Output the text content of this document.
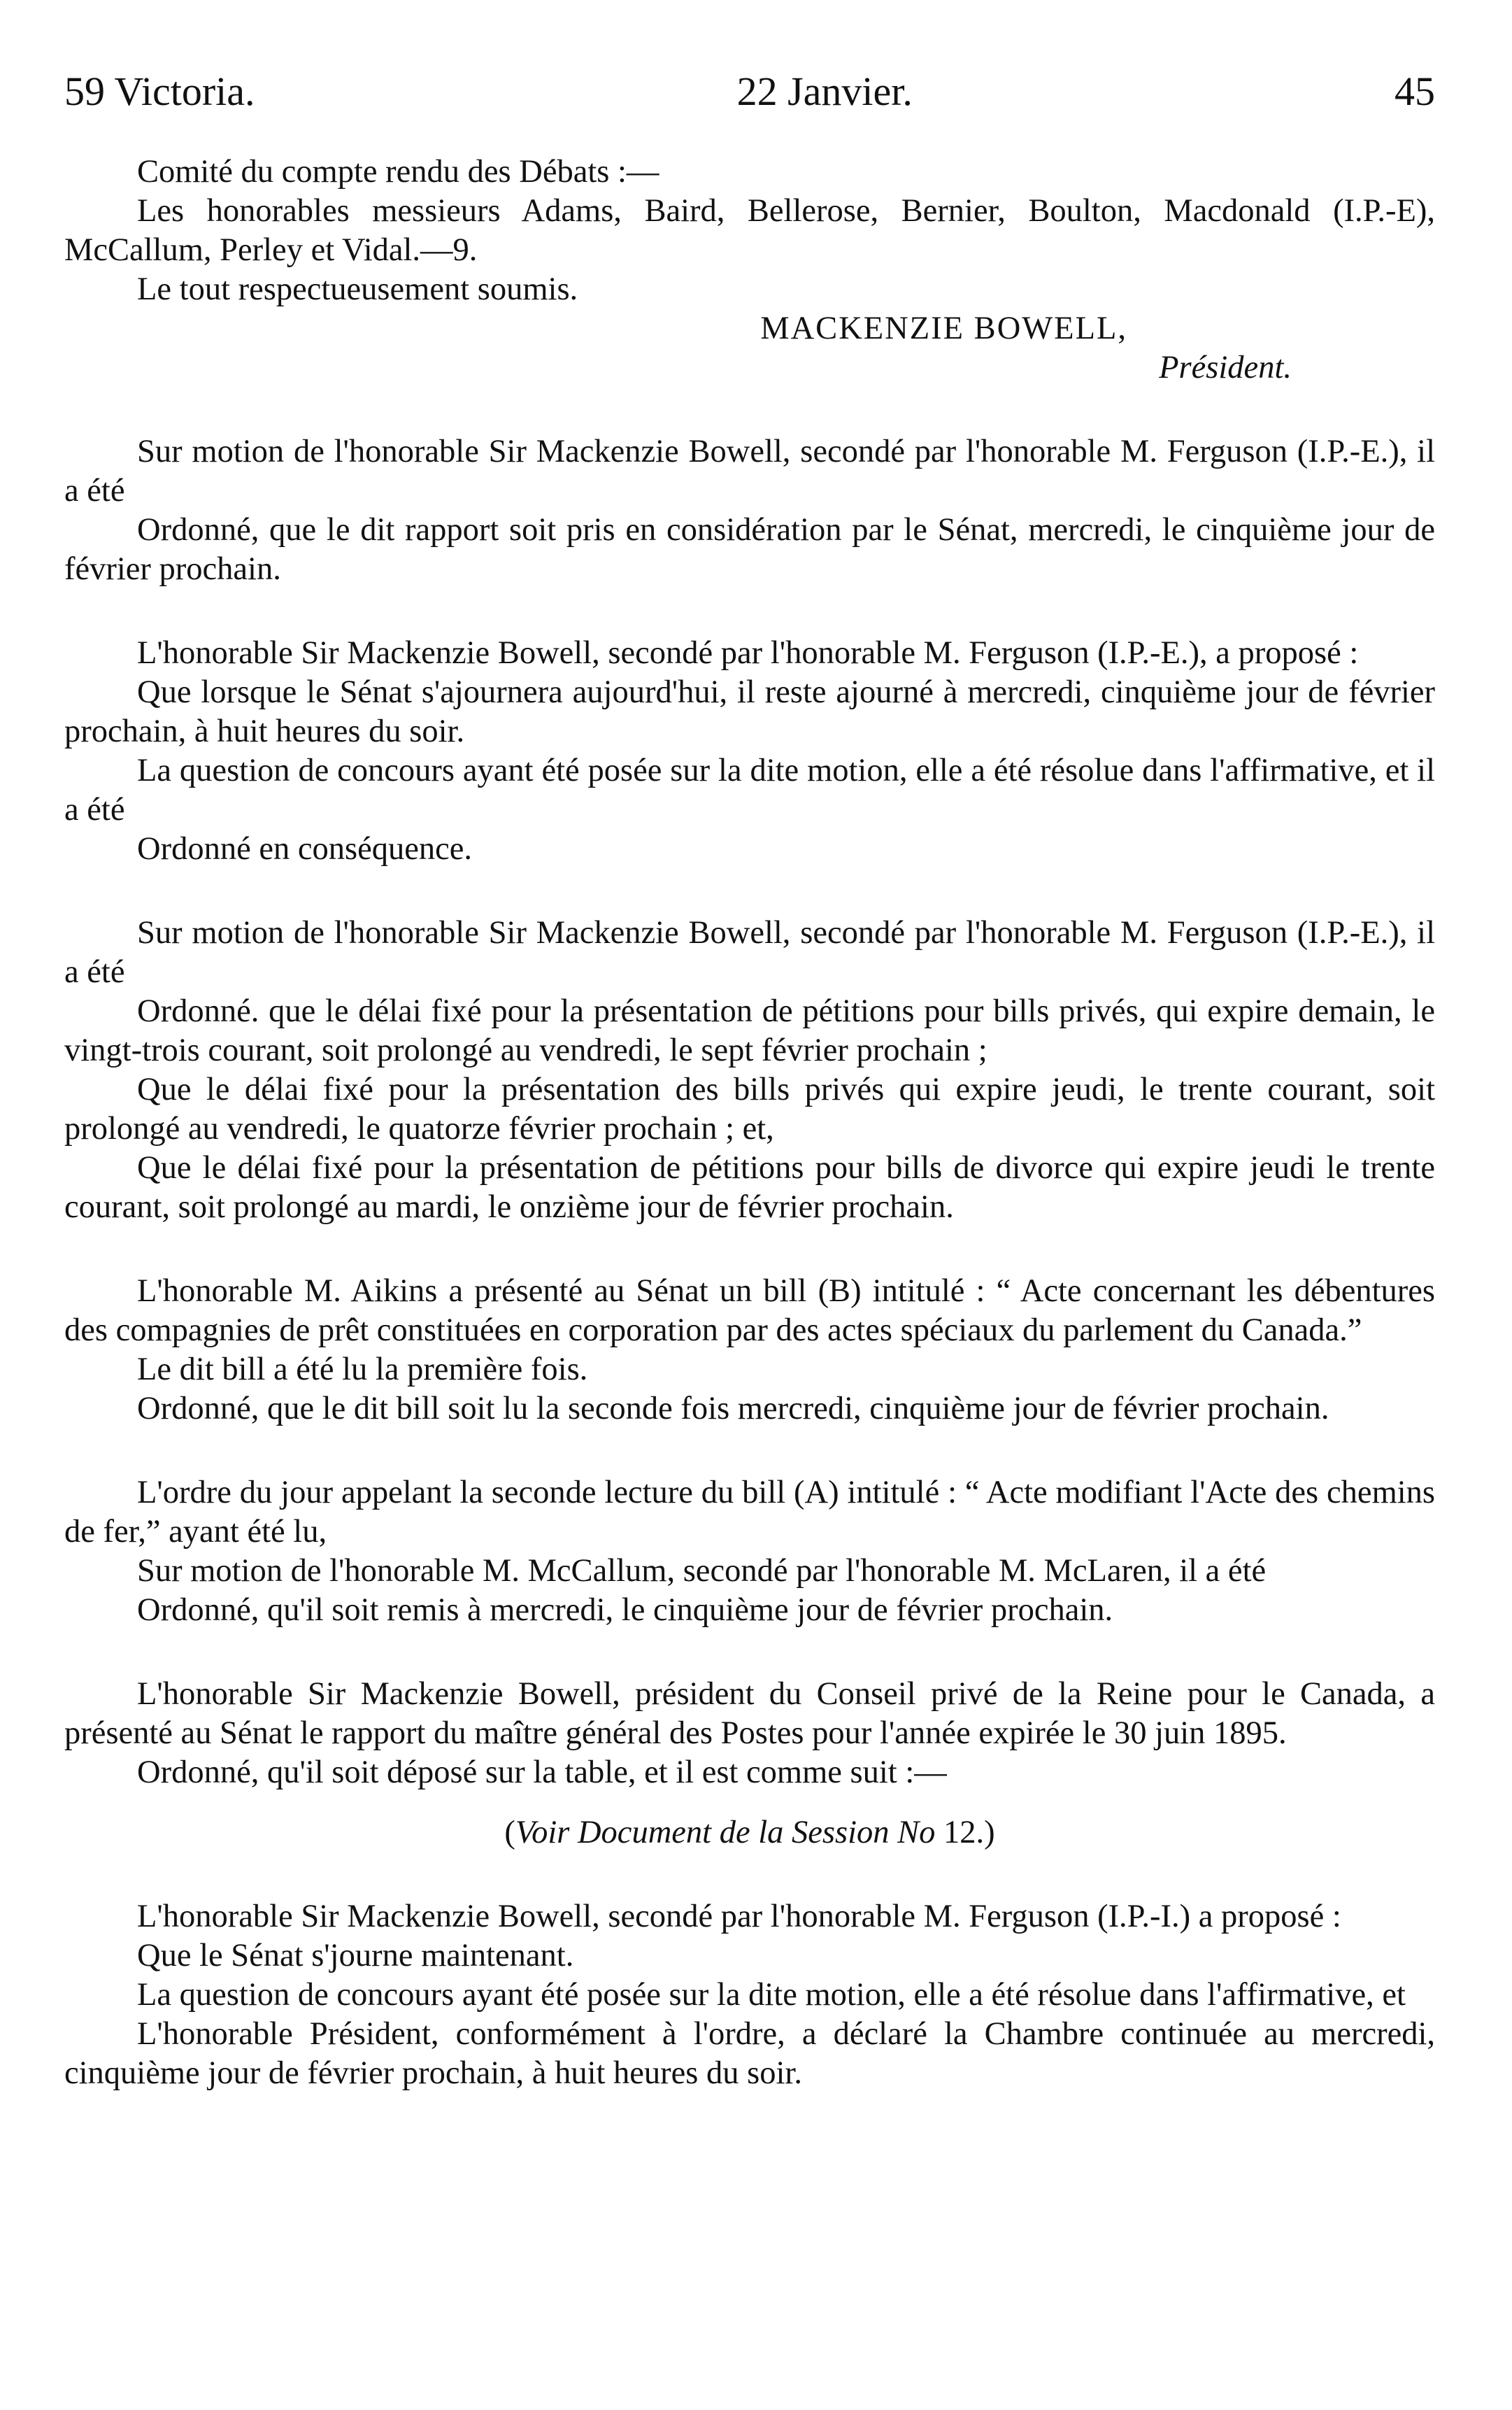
59 Victoria.	22 Janvier.	45

Comité du compte rendu des Débats :—

Les honorables messieurs Adams, Baird, Bellerose, Bernier, Boulton, Macdonald (I.P.-E), McCallum, Perley et Vidal.—9.

Le tout respectueusement soumis.

MACKENZIE BOWELL,

Président.

Sur motion de l'honorable Sir Mackenzie Bowell, secondé par l'honorable M. Ferguson (I.P.-E.), il a été

Ordonné, que le dit rapport soit pris en considération par le Sénat, mercredi, le cinquième jour de février prochain.

L'honorable Sir Mackenzie Bowell, secondé par l'honorable M. Ferguson (I.P.-E.), a proposé :

Que lorsque le Sénat s'ajournera aujourd'hui, il reste ajourné à mercredi, cinquième jour de février prochain, à huit heures du soir.

La question de concours ayant été posée sur la dite motion, elle a été résolue dans l'affirmative, et il a été

Ordonné en conséquence.

Sur motion de l'honorable Sir Mackenzie Bowell, secondé par l'honorable M. Ferguson (I.P.-E.), il a été

Ordonné. que le délai fixé pour la présentation de pétitions pour bills privés, qui expire demain, le vingt-trois courant, soit prolongé au vendredi, le sept février prochain ;

Que le délai fixé pour la présentation des bills privés qui expire jeudi, le trente courant, soit prolongé au vendredi, le quatorze février prochain ; et,

Que le délai fixé pour la présentation de pétitions pour bills de divorce qui expire jeudi le trente courant, soit prolongé au mardi, le onzième jour de février prochain.

L'honorable M. Aikins a présenté au Sénat un bill (B) intitulé : “ Acte concernant les débentures des compagnies de prêt constituées en corporation par des actes spéciaux du parlement du Canada.”

Le dit bill a été lu la première fois.

Ordonné, que le dit bill soit lu la seconde fois mercredi, cinquième jour de février prochain.

L'ordre du jour appelant la seconde lecture du bill (A) intitulé : “ Acte modifiant l'Acte des chemins de fer,” ayant été lu,

Sur motion de l'honorable M. McCallum, secondé par l'honorable M. McLaren, il a été

Ordonné, qu'il soit remis à mercredi, le cinquième jour de février prochain.

L'honorable Sir Mackenzie Bowell, président du Conseil privé de la Reine pour le Canada, a présenté au Sénat le rapport du maître général des Postes pour l'année expirée le 30 juin 1895.

Ordonné, qu'il soit déposé sur la table, et il est comme suit :—

(Voir Document de la Session No 12.)

L'honorable Sir Mackenzie Bowell, secondé par l'honorable M. Ferguson (I.P.-I.) a proposé :

Que le Sénat s'journe maintenant.

La question de concours ayant été posée sur la dite motion, elle a été résolue dans l'affirmative, et

L'honorable Président, conformément à l'ordre, a déclaré la Chambre continuée au mercredi, cinquième jour de février prochain, à huit heures du soir.
